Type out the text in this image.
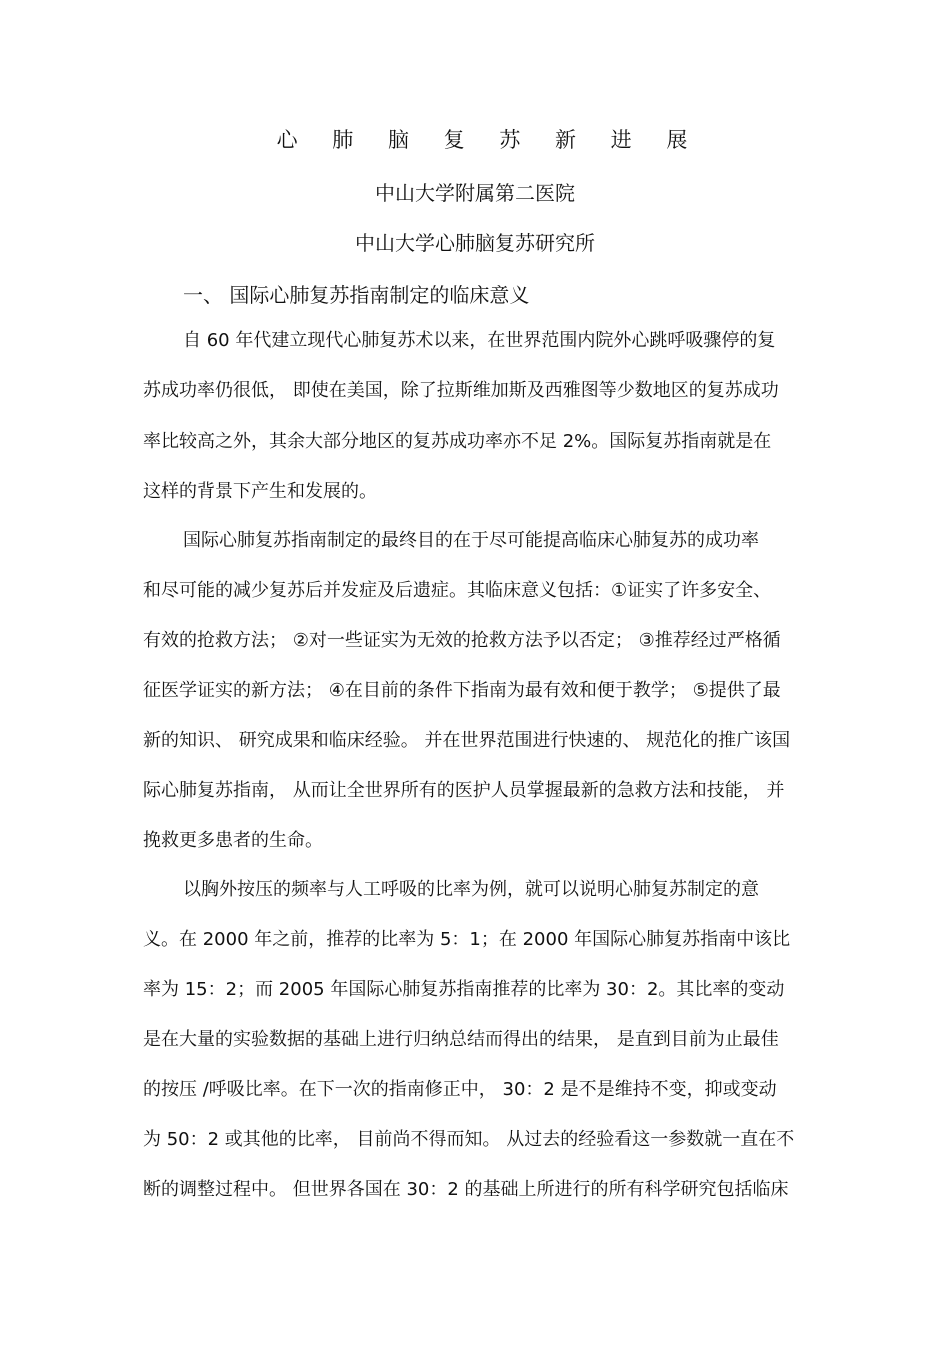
心 肺 脑 复 苏 新 进 展
中山大学附属第二医院
中山大学心肺脑复苏研究所
一、 国际心肺复苏指南制定的临床意义
自 60 年代建立现代心肺复苏术以来，在世界范围内院外心跳呼吸骤停的复
苏成功率仍很低， 即使在美国，除了拉斯维加斯及西雅图等少数地区的复苏成功
率比较高之外，其余大部分地区的复苏成功率亦不足 2%。国际复苏指南就是在
这样的背景下产生和发展的。
国际心肺复苏指南制定的最终目的在于尽可能提高临床心肺复苏的成功率
和尽可能的减少复苏后并发症及后遗症。其临床意义包括：①证实了许多安全、
有效的抢救方法； ②对一些证实为无效的抢救方法予以否定； ③推荐经过严格循
征医学证实的新方法； ④在目前的条件下指南为最有效和便于教学； ⑤提供了最
新的知识、 研究成果和临床经验。 并在世界范围进行快速的、 规范化的推广该国
际心肺复苏指南， 从而让全世界所有的医护人员掌握最新的急救方法和技能， 并
挽救更多患者的生命。
以胸外按压的频率与人工呼吸的比率为例，就可以说明心肺复苏制定的意
义。在 2000 年之前，推荐的比率为 5：1；在 2000 年国际心肺复苏指南中该比
率为 15：2；而 2005 年国际心肺复苏指南推荐的比率为 30：2。其比率的变动
是在大量的实验数据的基础上进行归纳总结而得出的结果， 是直到目前为止最佳
的按压 /呼吸比率。在下一次的指南修正中， 30：2 是不是维持不变，抑或变动
为 50：2 或其他的比率， 目前尚不得而知。 从过去的经验看这一参数就一直在不
断的调整过程中。 但世界各国在 30：2 的基础上所进行的所有科学研究包括临床
